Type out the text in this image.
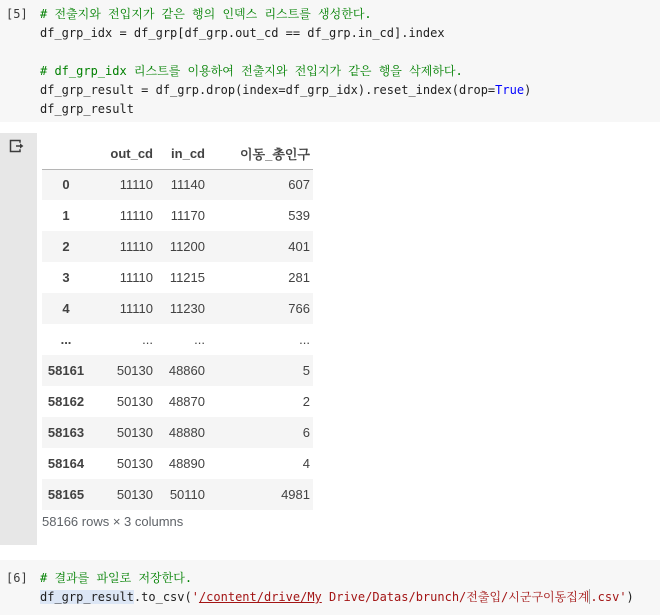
[5] # 전출지와 전입지가 같은 행의 인덱스 리스트를 생성한다.
df_grp_idx = df_grp[df_grp.out_cd == df_grp.in_cd].index
# df_grp_idx 리스트를 이용하여 전출지와 전입지가 같은 행을 삭제하다.
df_grp_result = df_grp.drop(index=df_grp_idx).reset_index(drop=True)
df_grp_result
	out_cd	in_cd	이동_총인구
0	11110	11140	607
1	11110	11170	539
2	11110	11200	401
3	11110	11215	281
4	11110	11230	766
...	...	...	...
58161	50130	48860	5
58162	50130	48870	2
58163	50130	48880	6
58164	50130	48890	4
58165	50130	50110	4981
58166 rows × 3 columns
[6] # 결과를 파일로 저장한다.
df_grp_result.to_csv('/content/drive/My Drive/Datas/brunch/전출입/시군구이동집계.csv')
